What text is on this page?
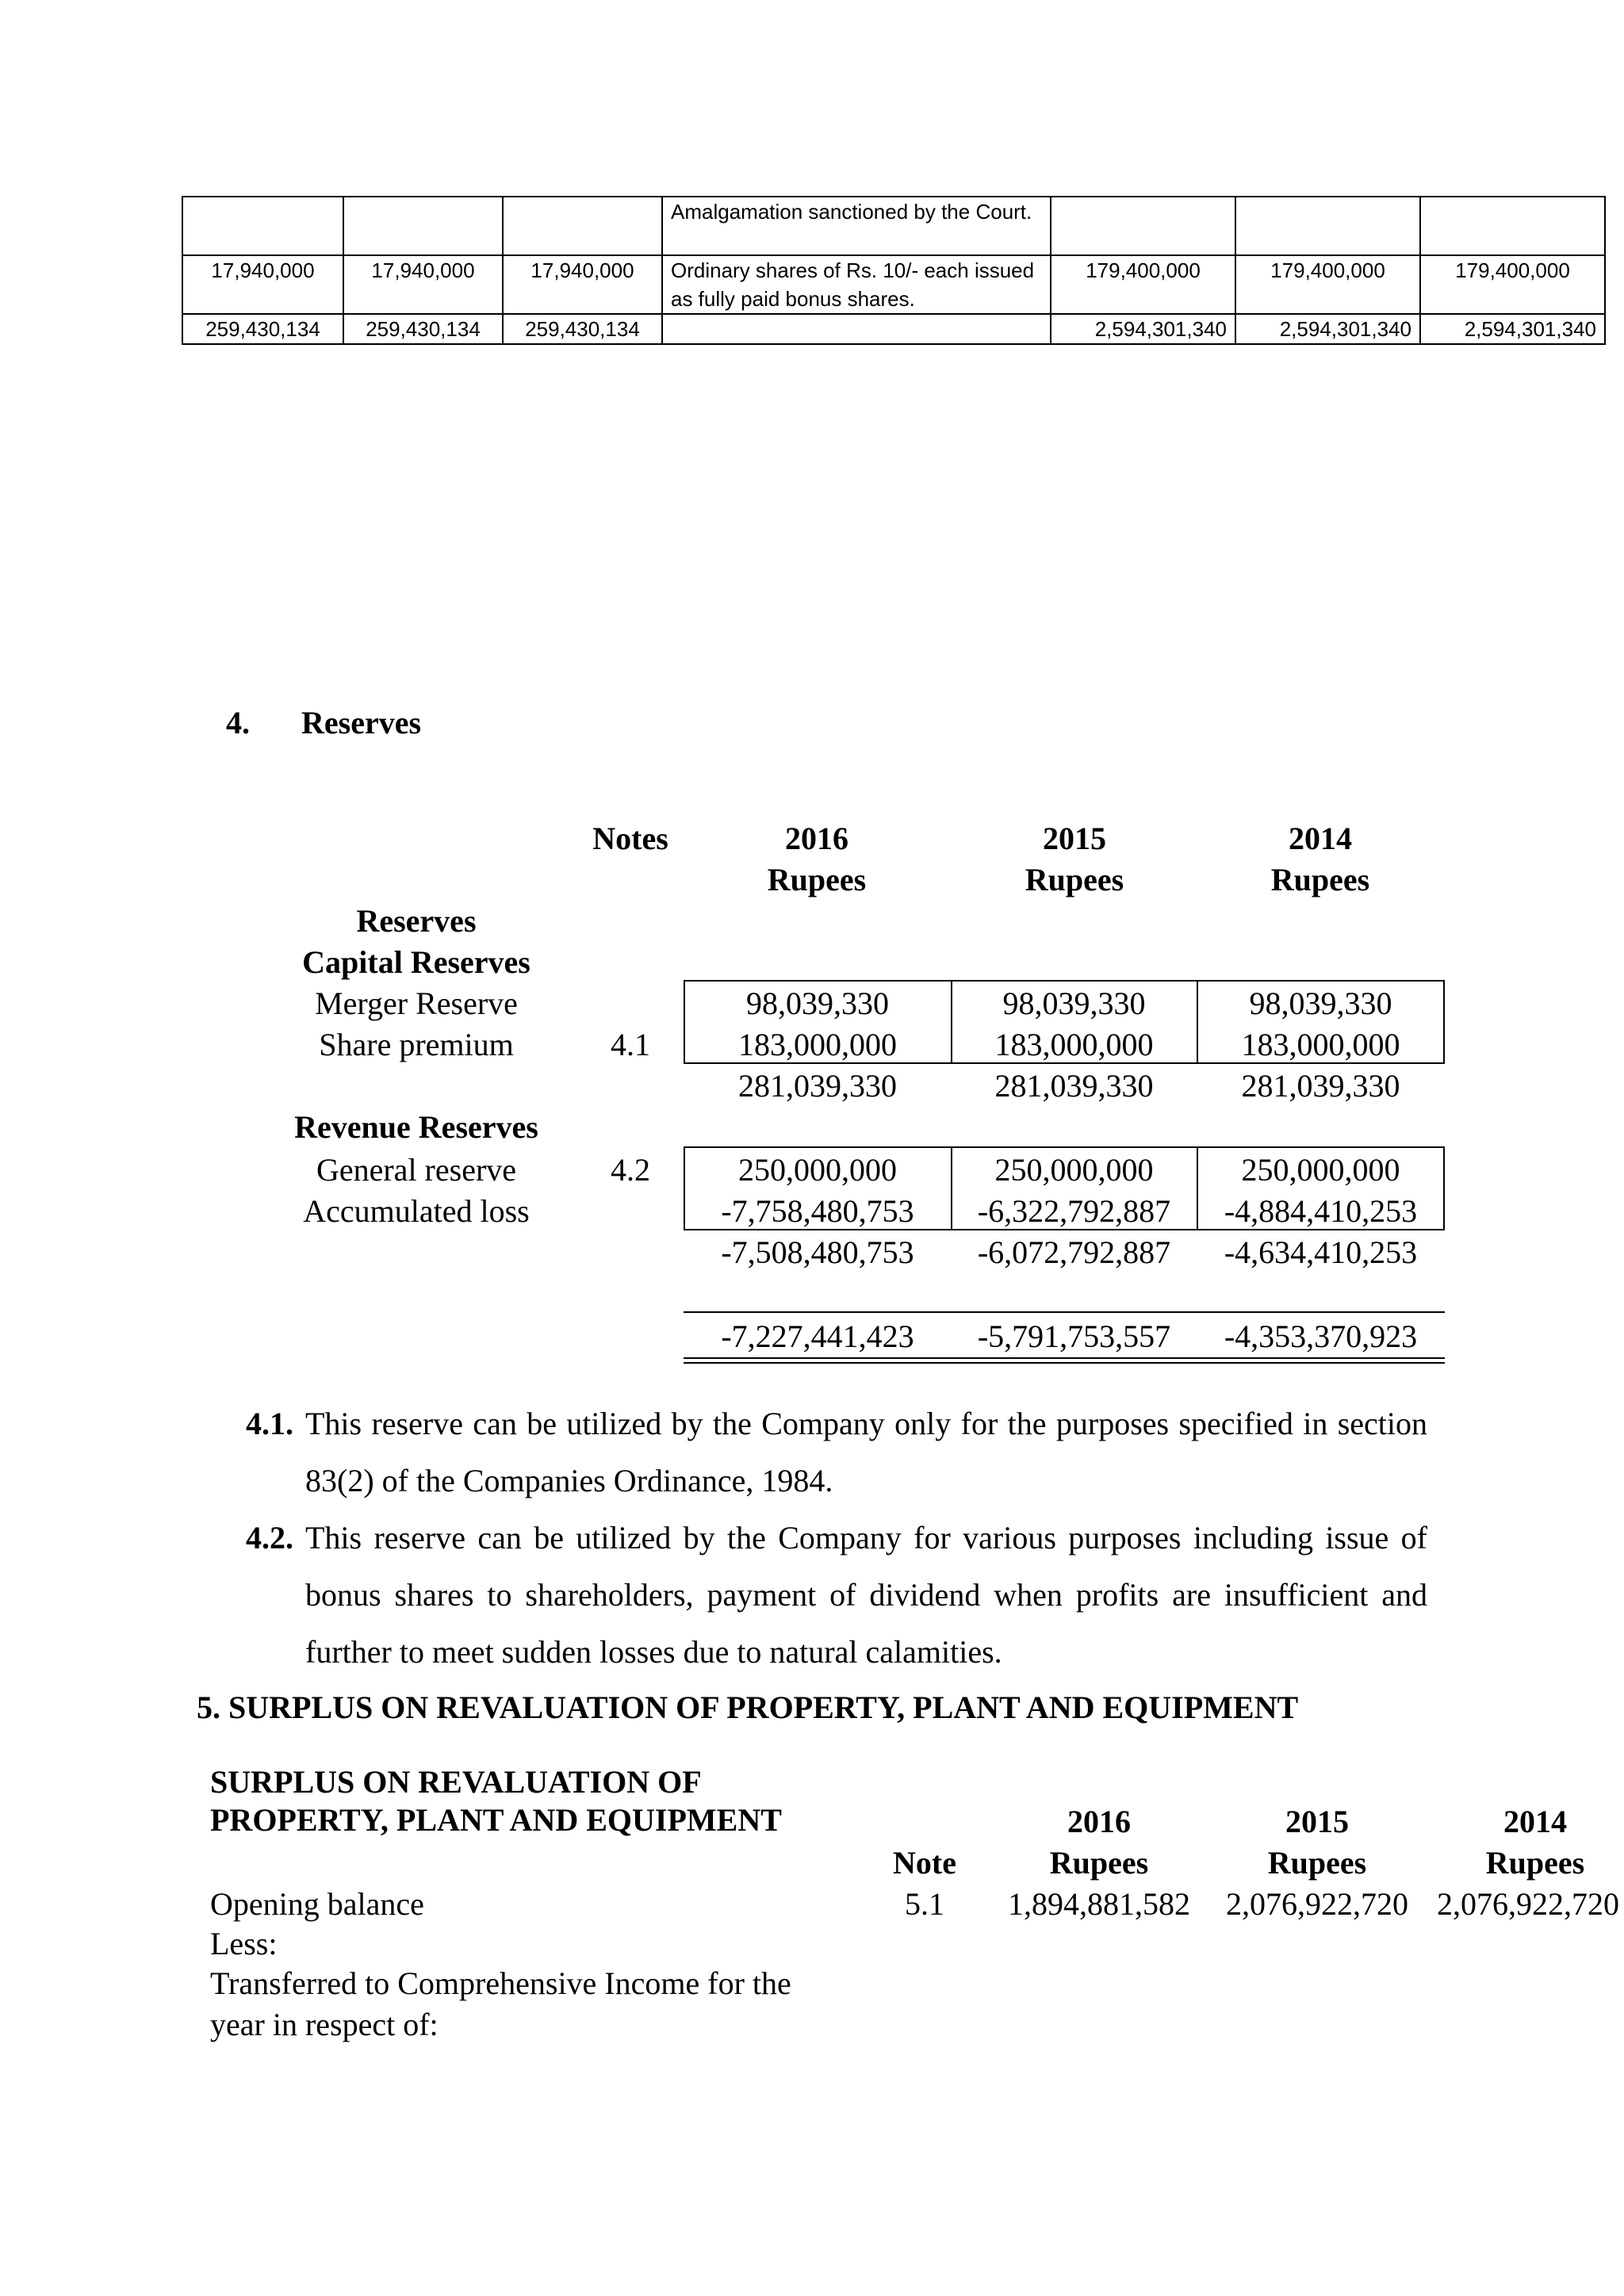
			Amalgamation sanctioned by the Court.			
17,940,000	17,940,000	17,940,000	Ordinary shares of Rs. 10/- each issued as fully paid bonus shares.	179,400,000	179,400,000	179,400,000
259,430,134	259,430,134	259,430,134		2,594,301,340	2,594,301,340	2,594,301,340
4. Reserves
Notes	2016	2015	2014
Rupees	Rupees	Rupees
Reserves
Capital Reserves
Merger Reserve	98,039,330	98,039,330	98,039,330
Share premium	4.1	183,000,000	183,000,000	183,000,000
281,039,330	281,039,330	281,039,330
Revenue Reserves
General reserve	4.2	250,000,000	250,000,000	250,000,000
Accumulated loss	-7,758,480,753	-6,322,792,887	-4,884,410,253
-7,508,480,753	-6,072,792,887	-4,634,410,253
-7,227,441,423	-5,791,753,557	-4,353,370,923
4.1. This reserve can be utilized by the Company only for the purposes specified in section 83(2) of the Companies Ordinance, 1984.
4.2. This reserve can be utilized by the Company for various purposes including issue of bonus shares to shareholders, payment of dividend when profits are insufficient and further to meet sudden losses due to natural calamities.
5. SURPLUS ON REVALUATION OF PROPERTY, PLANT AND EQUIPMENT
SURPLUS ON REVALUATION OF
PROPERTY, PLANT AND EQUIPMENT	2016	2015	2014
Note	Rupees	Rupees	Rupees
Opening balance	5.1	1,894,881,582 2,076,922,720 2,076,922,720
Less:
Transferred to Comprehensive Income for the
year in respect of:
